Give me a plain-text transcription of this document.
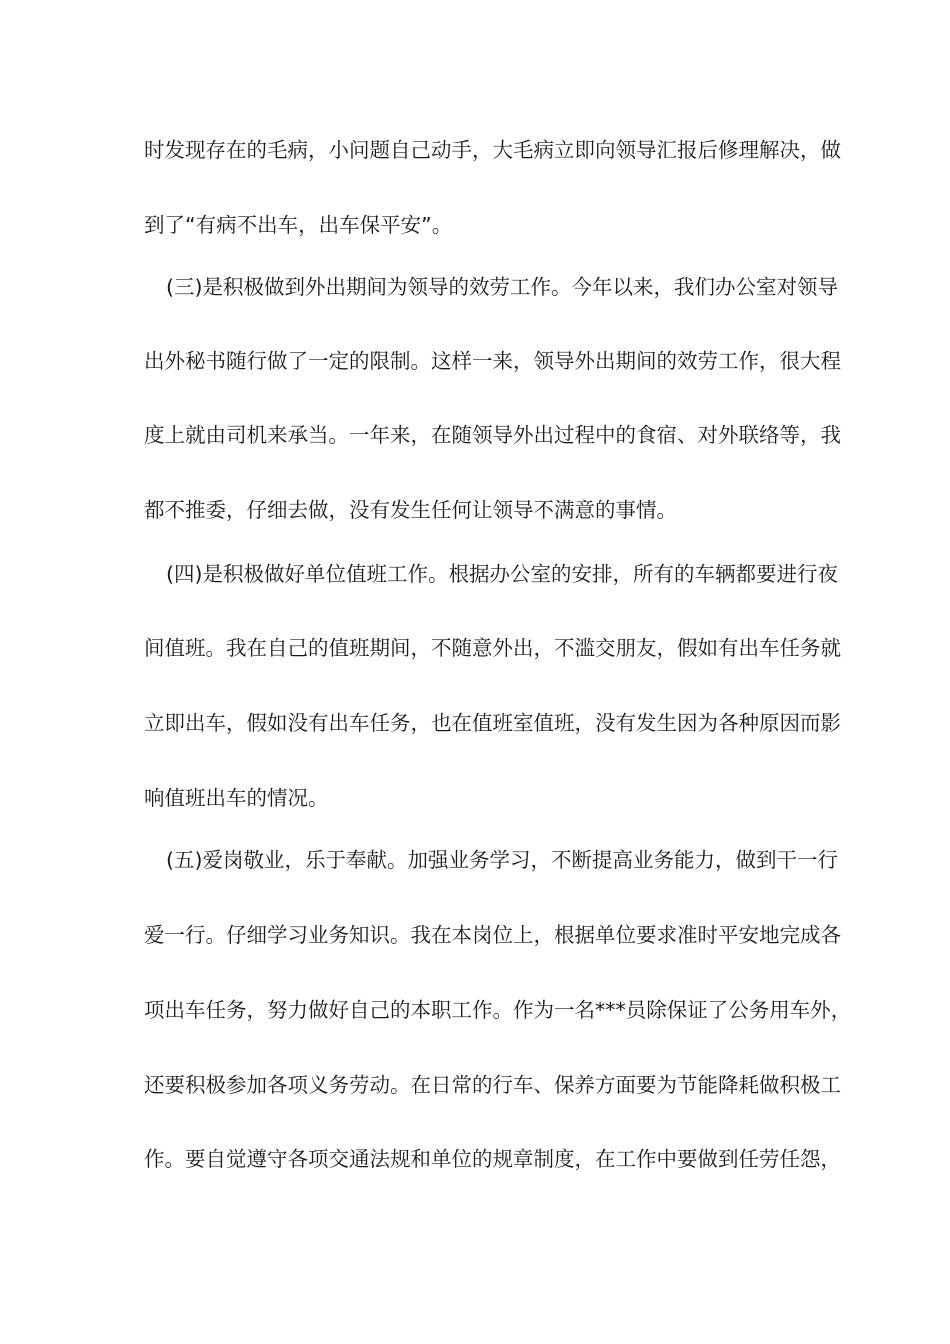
时发现存在的毛病，小问题自己动手，大毛病立即向领导汇报后修理解决，做
到了“有病不出车，出车保平安”。
(三)是积极做到外出期间为领导的效劳工作。今年以来，我们办公室对领导
出外秘书随行做了一定的限制。这样一来，领导外出期间的效劳工作，很大程
度上就由司机来承当。一年来，在随领导外出过程中的食宿、对外联络等，我
都不推委，仔细去做，没有发生任何让领导不满意的事情。
(四)是积极做好单位值班工作。根据办公室的安排，所有的车辆都要进行夜
间值班。我在自己的值班期间，不随意外出，不滥交朋友，假如有出车任务就
立即出车，假如没有出车任务，也在值班室值班，没有发生因为各种原因而影
响值班出车的情况。
(五)爱岗敬业，乐于奉献。加强业务学习，不断提高业务能力，做到干一行
爱一行。仔细学习业务知识。我在本岗位上，根据单位要求准时平安地完成各
项出车任务，努力做好自己的本职工作。作为一名***员除保证了公务用车外，
还要积极参加各项义务劳动。在日常的行车、保养方面要为节能降耗做积极工
作。要自觉遵守各项交通法规和单位的规章制度，在工作中要做到任劳任怨，
